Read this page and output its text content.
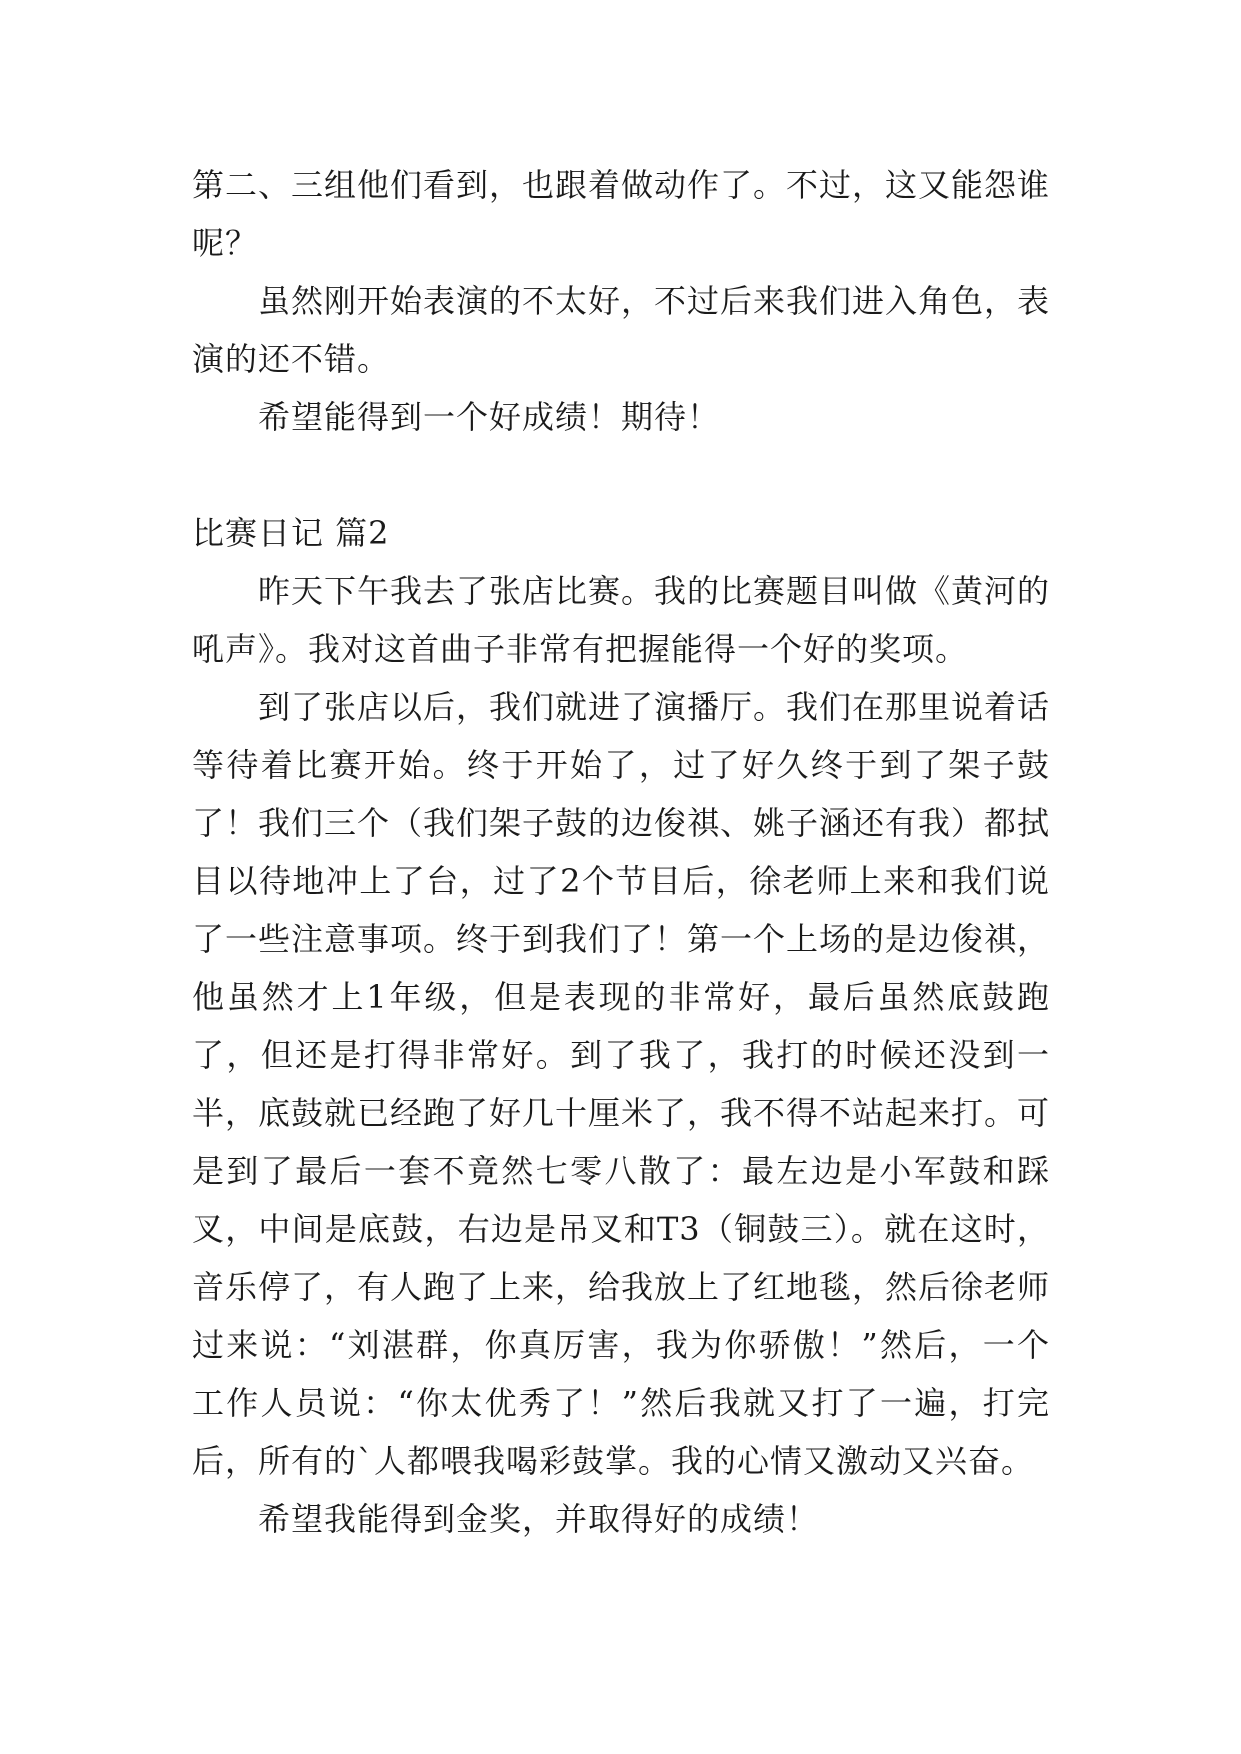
第二、三组他们看到，也跟着做动作了。不过，这又能怨谁呢？

虽然刚开始表演的不太好，不过后来我们进入角色，表演的还不错。

希望能得到一个好成绩！期待！

比赛日记 篇2

昨天下午我去了张店比赛。我的比赛题目叫做《黄河的吼声》。我对这首曲子非常有把握能得一个好的奖项。

到了张店以后，我们就进了演播厅。我们在那里说着话等待着比赛开始。终于开始了，过了好久终于到了架子鼓了！我们三个（我们架子鼓的边俊祺、姚子涵还有我）都拭目以待地冲上了台，过了2个节目后，徐老师上来和我们说了一些注意事项。终于到我们了！第一个上场的是边俊祺，他虽然才上1年级，但是表现的非常好，最后虽然底鼓跑了，但还是打得非常好。到了我了，我打的时候还没到一半，底鼓就已经跑了好几十厘米了，我不得不站起来打。可是到了最后一套不竟然七零八散了：最左边是小军鼓和踩叉，中间是底鼓，右边是吊叉和T3（铜鼓三）。就在这时，音乐停了，有人跑了上来，给我放上了红地毯，然后徐老师过来说：“刘湛群，你真厉害，我为你骄傲！”然后，一个工作人员说：“你太优秀了！”然后我就又打了一遍，打完后，所有的`人都喂我喝彩鼓掌。我的心情又激动又兴奋。

希望我能得到金奖，并取得好的成绩！
